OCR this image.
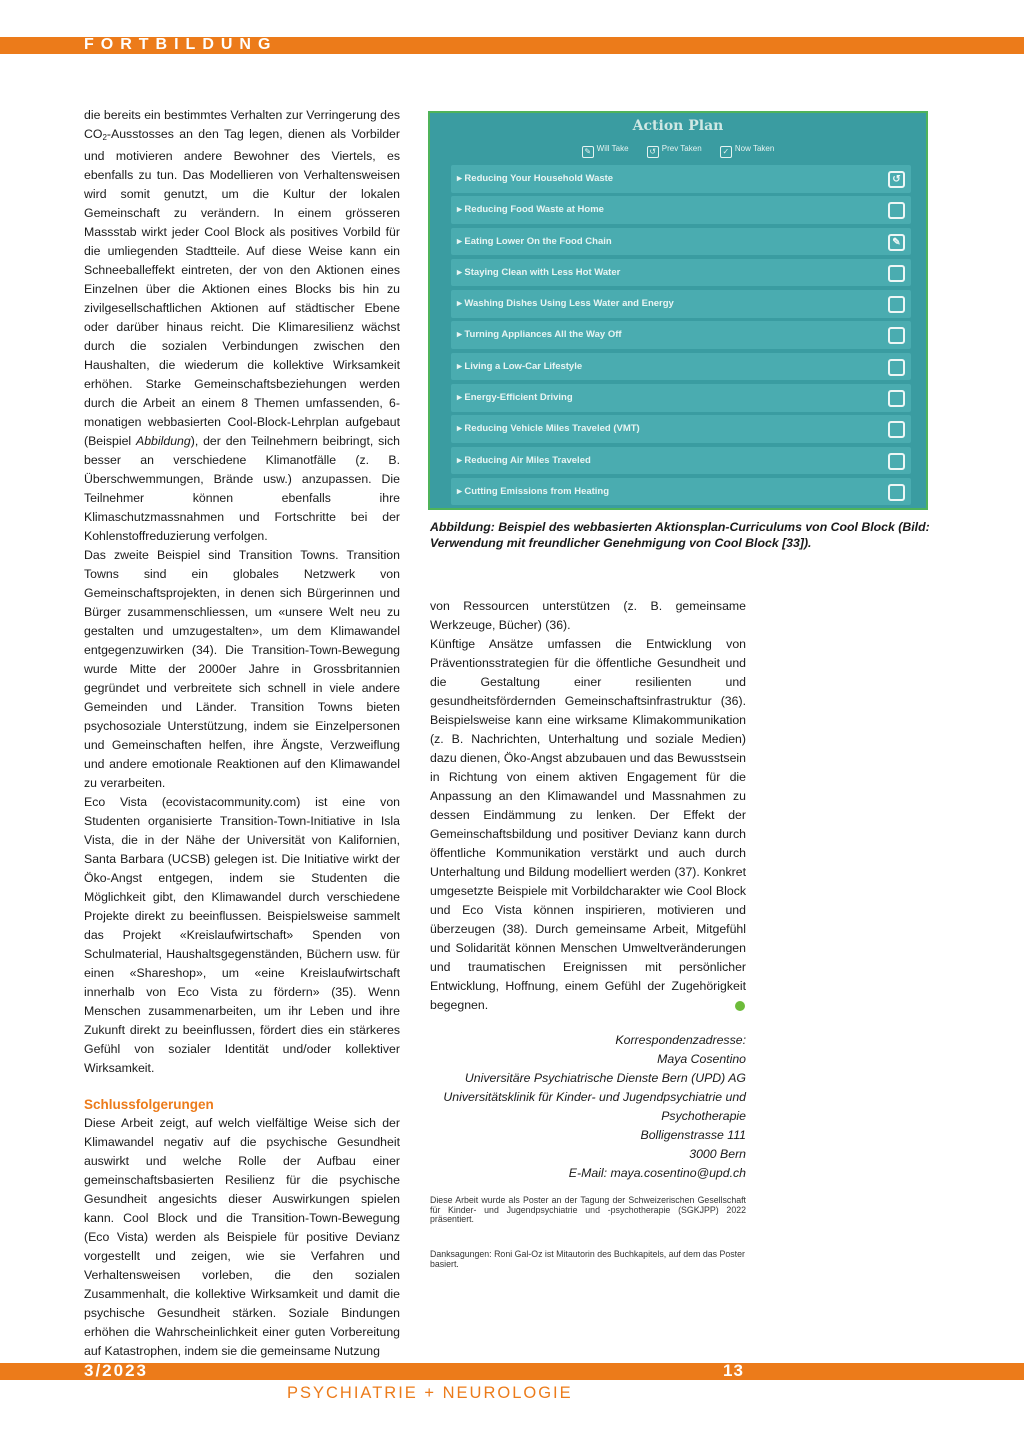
FORTBILDUNG

die bereits ein bestimmtes Verhalten zur Verringerung des $CO_2$-Ausstosses an den Tag legen, dienen als Vorbilder und motivieren andere Bewohner des Viertels, es ebenfalls zu tun. Das Modellieren von Verhaltensweisen wird somit genutzt, um die Kultur der lokalen Gemeinschaft zu verändern. In einem grösseren Massstab wirkt jeder Cool Block als positives Vorbild für die umliegenden Stadtteile. Auf diese Weise kann ein Schneeballeffekt eintreten, der von den Aktionen eines Einzelnen über die Aktionen eines Blocks bis hin zu zivilgesellschaftlichen Aktionen auf städtischer Ebene oder darüber hinaus reicht. Die Klimaresilienz wächst durch die sozialen Verbindungen zwischen den Haushalten, die wiederum die kollektive Wirksamkeit erhöhen. Starke Gemeinschaftsbeziehungen werden durch die Arbeit an einem 8 Themen umfassenden, 6-monatigen webbasierten Cool-Block-Lehrplan aufgebaut (Beispiel Abbildung), der den Teilnehmern beibringt, sich besser an verschiedene Klimanotfälle (z. B. Überschwemmungen, Brände usw.) anzupassen. Die Teilnehmer können ebenfalls ihre Klimaschutzmassnahmen und Fortschritte bei der Kohlenstoffreduzierung verfolgen.

Das zweite Beispiel sind Transition Towns. Transition Towns sind ein globales Netzwerk von Gemeinschaftsprojekten, in denen sich Bürgerinnen und Bürger zusammenschliessen, um «unsere Welt neu zu gestalten und umzugestalten», um dem Klimawandel entgegenzuwirken (34). Die Transition-Town-Bewegung wurde Mitte der 2000er Jahre in Grossbritannien gegründet und verbreitete sich schnell in viele andere Gemeinden und Länder. Transition Towns bieten psychosoziale Unterstützung, indem sie Einzelpersonen und Gemeinschaften helfen, ihre Ängste, Verzweiflung und andere emotionale Reaktionen auf den Klimawandel zu verarbeiten.

Eco Vista (ecovistacommunity.com) ist eine von Studenten organisierte Transition-Town-Initiative in Isla Vista, die in der Nähe der Universität von Kalifornien, Santa Barbara (UCSB) gelegen ist. Die Initiative wirkt der Öko-Angst entgegen, indem sie Studenten die Möglichkeit gibt, den Klimawandel durch verschiedene Projekte direkt zu beeinflussen. Beispielsweise sammelt das Projekt «Kreislaufwirtschaft» Spenden von Schulmaterial, Haushaltsgegenständen, Büchern usw. für einen «Shareshop», um «eine Kreislaufwirtschaft innerhalb von Eco Vista zu fördern» (35). Wenn Menschen zusammenarbeiten, um ihr Leben und ihre Zukunft direkt zu beeinflussen, fördert dies ein stärkeres Gefühl von sozialer Identität und/oder kollektiver Wirksamkeit.

Schlussfolgerungen

Diese Arbeit zeigt, auf welch vielfältige Weise sich der Klimawandel negativ auf die psychische Gesundheit auswirkt und welche Rolle der Aufbau einer gemeinschaftsbasierten Resilienz für die psychische Gesundheit angesichts dieser Auswirkungen spielen kann. Cool Block und die Transition-Town-Bewegung (Eco Vista) werden als Beispiele für positive Devianz vorgestellt und zeigen, wie sie Verfahren und Verhaltensweisen vorleben, die den sozialen Zusammenhalt, die kollektive Wirksamkeit und damit die psychische Gesundheit stärken. Soziale Bindungen erhöhen die Wahrscheinlichkeit einer guten Vorbereitung auf Katastrophen, indem sie die gemeinsame Nutzung

Action Plan
✎ Will Take	↺ Prev Taken	✓ Now Taken
▸ Reducing Your Household Waste	↺
▸ Reducing Food Waste at Home
▸ Eating Lower On the Food Chain	✎
▸ Staying Clean with Less Hot Water
▸ Washing Dishes Using Less Water and Energy
▸ Turning Appliances All the Way Off
▸ Living a Low-Car Lifestyle
▸ Energy-Efficient Driving
▸ Reducing Vehicle Miles Traveled (VMT)
▸ Reducing Air Miles Traveled
▸ Cutting Emissions from Heating
Abbildung: Beispiel des webbasierten Aktionsplan-Curriculums von Cool Block (Bild: Verwendung mit freundlicher Genehmigung von Cool Block [33]).

von Ressourcen unterstützen (z. B. gemeinsame Werkzeuge, Bücher) (36).

Künftige Ansätze umfassen die Entwicklung von Präventionsstrategien für die öffentliche Gesundheit und die Gestaltung einer resilienten und gesundheitsfördernden Gemeinschaftsinfrastruktur (36). Beispielsweise kann eine wirksame Klimakommunikation (z. B. Nachrichten, Unterhaltung und soziale Medien) dazu dienen, Öko-Angst abzubauen und das Bewusstsein in Richtung von einem aktiven Engagement für die Anpassung an den Klimawandel und Massnahmen zu dessen Eindämmung zu lenken. Der Effekt der Gemeinschaftsbildung und positiver Devianz kann durch öffentliche Kommunikation verstärkt und auch durch Unterhaltung und Bildung modelliert werden (37). Konkret umgesetzte Beispiele mit Vorbildcharakter wie Cool Block und Eco Vista können inspirieren, motivieren und überzeugen (38). Durch gemeinsame Arbeit, Mitgefühl und Solidarität können Menschen Umweltveränderungen und traumatischen Ereignissen mit persönlicher Entwicklung, Hoffnung, einem Gefühl der Zugehörigkeit begegnen.

Korrespondenzadresse:
Maya Cosentino
Universitäre Psychiatrische Dienste Bern (UPD) AG
Universitätsklinik für Kinder- und Jugendpsychiatrie und Psychotherapie
Bolligenstrasse 111
3000 Bern
E-Mail: maya.cosentino@upd.ch
Diese Arbeit wurde als Poster an der Tagung der Schweizerischen Gesellschaft für Kinder- und Jugendpsychiatrie und -psychotherapie (SGKJPP) 2022 präsentiert.
Danksagungen: Roni Gal-Oz ist Mitautorin des Buchkapitels, auf dem das Poster basiert.
3/2023	13
PSYCHIATRIE + NEUROLOGIE
